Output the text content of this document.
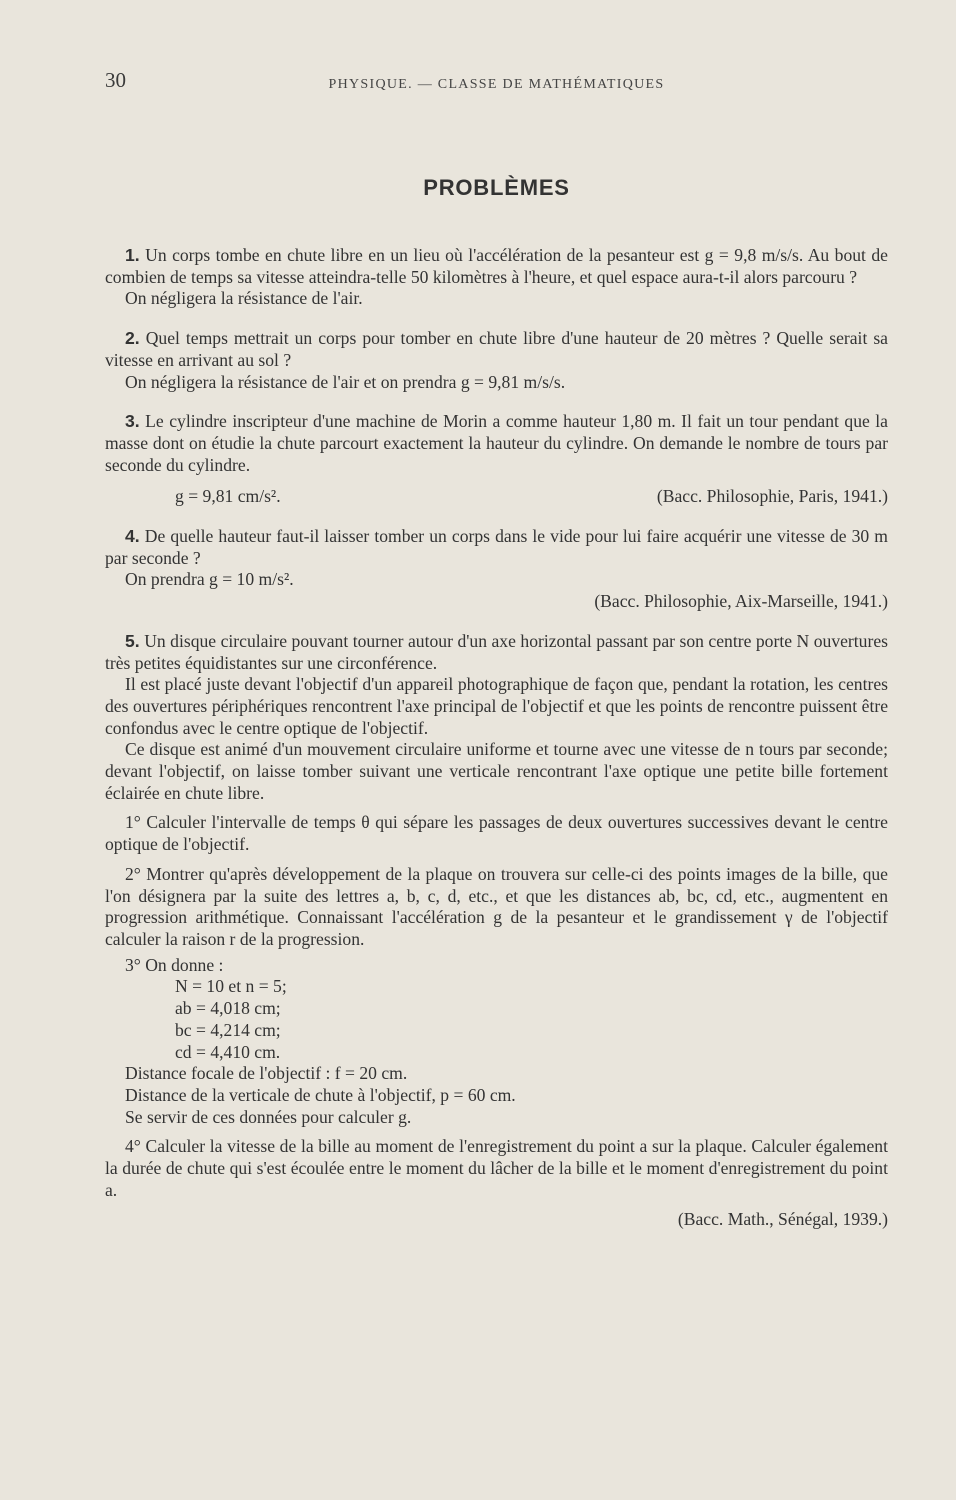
30	PHYSIQUE. — CLASSE DE MATHÉMATIQUES
PROBLÈMES

1. Un corps tombe en chute libre en un lieu où l'accélération de la pesanteur est g = 9,8 m/s/s. Au bout de combien de temps sa vitesse atteindra-telle 50 kilomètres à l'heure, et quel espace aura-t-il alors parcouru ?

On négligera la résistance de l'air.

2. Quel temps mettrait un corps pour tomber en chute libre d'une hauteur de 20 mètres ? Quelle serait sa vitesse en arrivant au sol ?

On négligera la résistance de l'air et on prendra g = 9,81 m/s/s.

3. Le cylindre inscripteur d'une machine de Morin a comme hauteur 1,80 m. Il fait un tour pendant que la masse dont on étudie la chute parcourt exactement la hauteur du cylindre. On demande le nombre de tours par seconde du cylindre.

g = 9,81 cm/s².	(Bacc. Philosophie, Paris, 1941.)

4. De quelle hauteur faut-il laisser tomber un corps dans le vide pour lui faire acquérir une vitesse de 30 m par seconde ?

On prendra g = 10 m/s².

(Bacc. Philosophie, Aix-Marseille, 1941.)

5. Un disque circulaire pouvant tourner autour d'un axe horizontal passant par son centre porte N ouvertures très petites équidistantes sur une circonférence.

Il est placé juste devant l'objectif d'un appareil photographique de façon que, pendant la rotation, les centres des ouvertures périphériques rencontrent l'axe principal de l'objectif et que les points de rencontre puissent être confondus avec le centre optique de l'objectif.

Ce disque est animé d'un mouvement circulaire uniforme et tourne avec une vitesse de n tours par seconde; devant l'objectif, on laisse tomber suivant une verticale rencontrant l'axe optique une petite bille fortement éclairée en chute libre.

1° Calculer l'intervalle de temps θ qui sépare les passages de deux ouvertures successives devant le centre optique de l'objectif.

2° Montrer qu'après développement de la plaque on trouvera sur celle-ci des points images de la bille, que l'on désignera par la suite des lettres a, b, c, d, etc., et que les distances ab, bc, cd, etc., augmentent en progression arithmétique. Connaissant l'accélération g de la pesanteur et le grandissement γ de l'objectif calculer la raison r de la progression.

3° On donne :

N = 10 et n = 5;
ab = 4,018 cm;
bc = 4,214 cm;
cd = 4,410 cm.

Distance focale de l'objectif : f = 20 cm.

Distance de la verticale de chute à l'objectif, p = 60 cm.

Se servir de ces données pour calculer g.

4° Calculer la vitesse de la bille au moment de l'enregistrement du point a sur la plaque. Calculer également la durée de chute qui s'est écoulée entre le moment du lâcher de la bille et le moment d'enregistrement du point a.

(Bacc. Math., Sénégal, 1939.)
